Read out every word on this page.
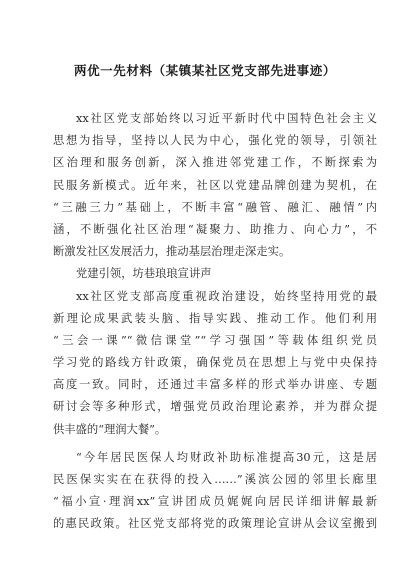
两优一先材料（某镇某社区党支部先进事迹）
xx社区党支部始终以习近平新时代中国特色社会主义
思想为指导，坚持以人民为中心，强化党的领导，引领社
区治理和服务创新，深入推进邻党建工作，不断探索为
民服务新模式。近年来，社区以党建品牌创建为契机，在
“三融三力”基础上，不断丰富“融管、融汇、融情”内
涵，不断强化社区治理“凝聚力、助推力、向心力”，不
断激发社区发展活力，推动基层治理走深走实。
党建引领，坊巷琅琅宣讲声
xx社区党支部高度重视政治建设，始终坚持用党的最
新理论成果武装头脑、指导实践、推动工作。他们利用
“三会一课”“微信课堂”“学习强国”等载体组织党员
学习党的路线方针政策，确保党员在思想上与党中央保持
高度一致。同时，还通过丰富多样的形式举办讲座、专题
研讨会等多种形式，增强党员政治理论素养，并为群众提
供丰盛的“理润大餐”。
“今年居民医保人均财政补助标准提高30元，这是居
民医保实实在在获得的投入……”溪滨公园的邻里长廊里
“福小宣·理润xx”宣讲团成员娓娓向居民详细讲解最新
的惠民政策。社区党支部将党的政策理论宣讲从会议室搬到
